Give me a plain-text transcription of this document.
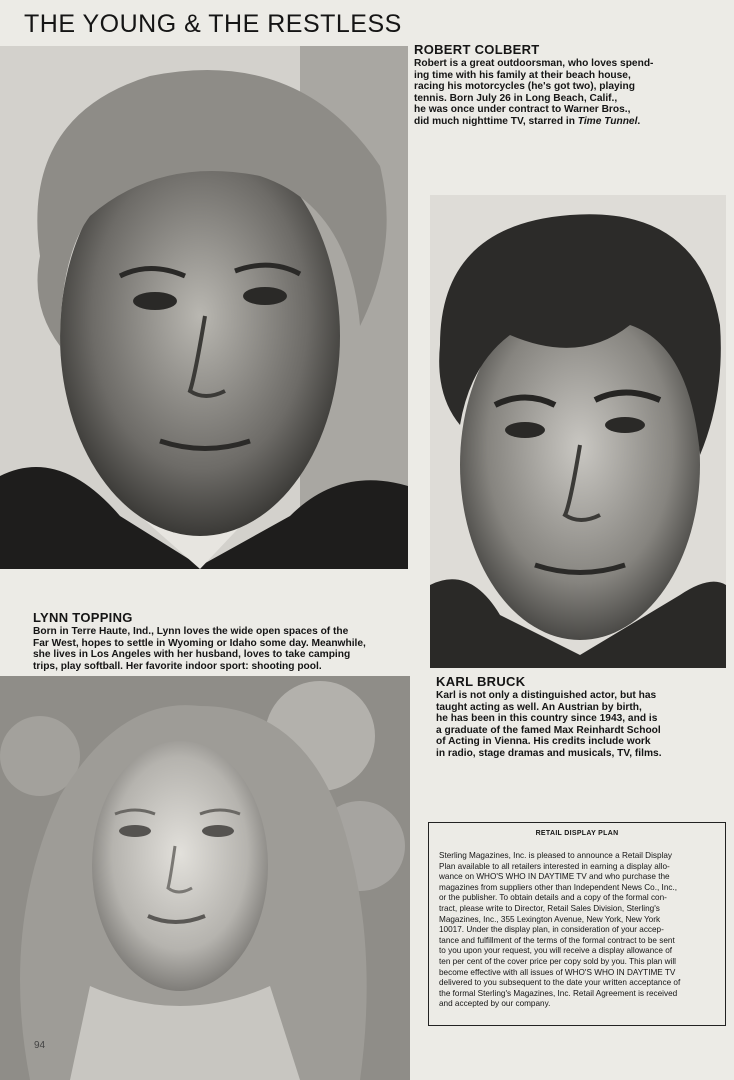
THE YOUNG & THE RESTLESS
ROBERT COLBERT

Robert is a great outdoorsman, who loves spend-
ing time with his family at their beach house,
racing his motorcycles (he's got two), playing
tennis. Born July 26 in Long Beach, Calif.,
he was once under contract to Warner Bros.,
did much nighttime TV, starred in Time Tunnel.

LYNN TOPPING

Born in Terre Haute, Ind., Lynn loves the wide open spaces of the
Far West, hopes to settle in Wyoming or Idaho some day. Meanwhile,
she lives in Los Angeles with her husband, loves to take camping
trips, play softball. Her favorite indoor sport: shooting pool.

KARL BRUCK

Karl is not only a distinguished actor, but has
taught acting as well. An Austrian by birth,
he has been in this country since 1943, and is
a graduate of the famed Max Reinhardt School
of Acting in Vienna. His credits include work
in radio, stage dramas and musicals, TV, films.

RETAIL DISPLAY PLAN

Sterling Magazines, Inc. is pleased to announce a Retail Display
Plan available to all retailers interested in earning a display allo-
wance on WHO'S WHO IN DAYTIME TV and who purchase the
magazines from suppliers other than Independent News Co., Inc.,
or the publisher. To obtain details and a copy of the formal con-
tract, please write to Director, Retail Sales Division, Sterling's
Magazines, Inc., 355 Lexington Avenue, New York, New York
10017. Under the display plan, in consideration of your accep-
tance and fulfillment of the terms of the formal contract to be sent
to you upon your request, you will receive a display allowance of
ten per cent of the cover price per copy sold by you. This plan will
become effective with all issues of WHO'S WHO IN DAYTIME TV
delivered to you subsequent to the date your written acceptance of
the formal Sterling's Magazines, Inc. Retail Agreement is received
and accepted by our company.

94
